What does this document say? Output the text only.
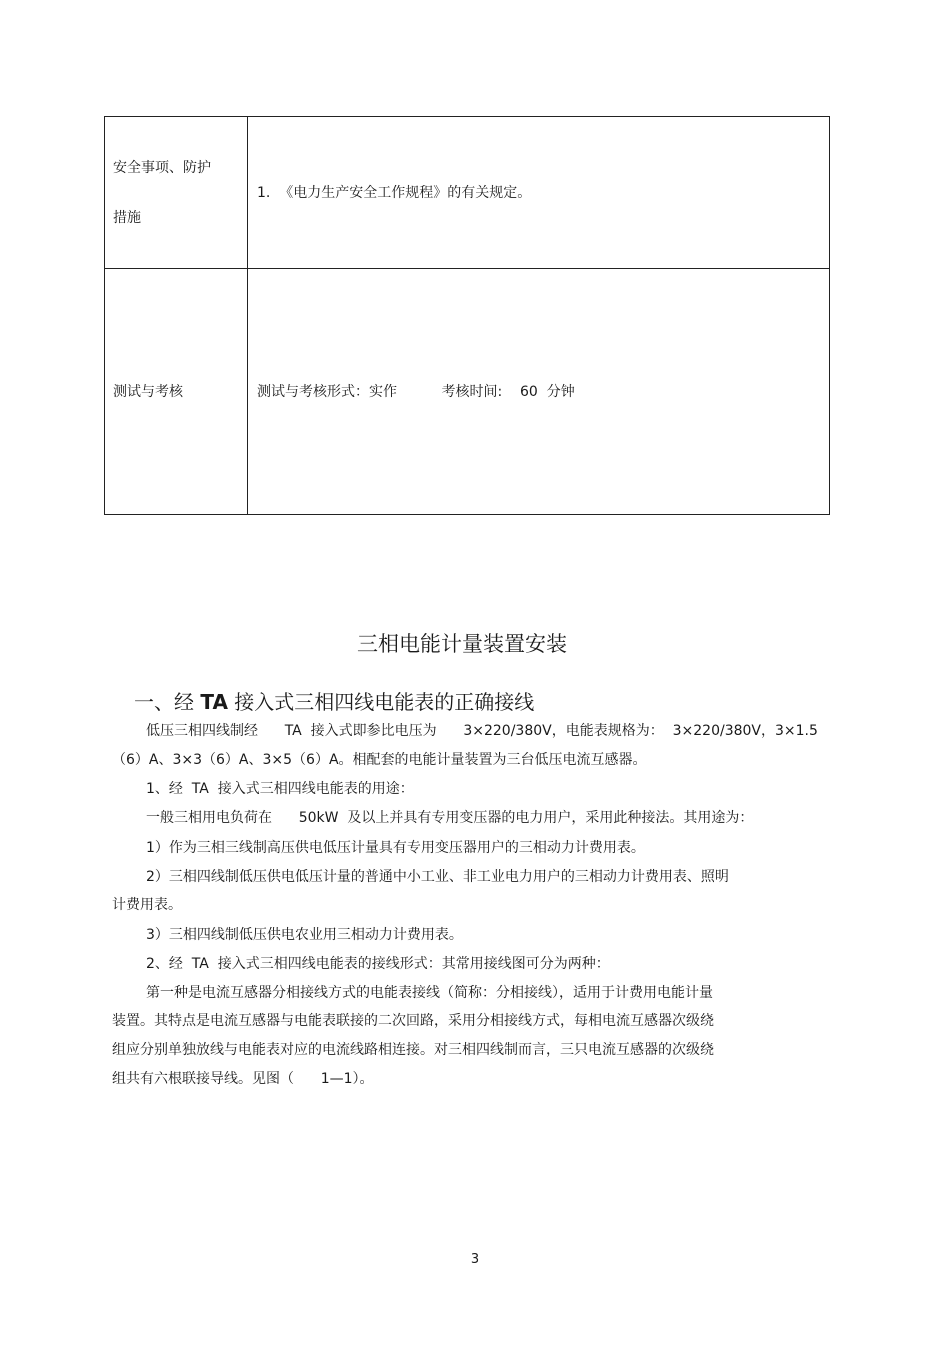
安全事项、防护
措施
1.  《电力生产安全工作规程》的有关规定。
测试与考核	测试与考核形式：实作          考核时间:    60  分钟
三相电能计量装置安装
一、经 TA 接入式三相四线电能表的正确接线
低压三相四线制经      TA  接入式即参比电压为      3×220/380V，电能表规格为：  3×220/380V，3×1.5
（6）A、3×3（6）A、3×5（6）A。相配套的电能计量装置为三台低压电流互感器。
1、经  TA  接入式三相四线电能表的用途：
一般三相用电负荷在      50kW  及以上并具有专用变压器的电力用户，采用此种接法。其用途为：
1）作为三相三线制高压供电低压计量具有专用变压器用户的三相动力计费用表。
2）三相四线制低压供电低压计量的普通中小工业、非工业电力用户的三相动力计费用表、照明
计费用表。
3）三相四线制低压供电农业用三相动力计费用表。
2、经  TA  接入式三相四线电能表的接线形式：其常用接线图可分为两种：
第一种是电流互感器分相接线方式的电能表接线（简称：分相接线），适用于计费用电能计量
装置。其特点是电流互感器与电能表联接的二次回路，采用分相接线方式，每相电流互感器次级绕
组应分别单独放线与电能表对应的电流线路相连接。对三相四线制而言，三只电流互感器的次级绕
组共有六根联接导线。见图（      1—1）。
3
